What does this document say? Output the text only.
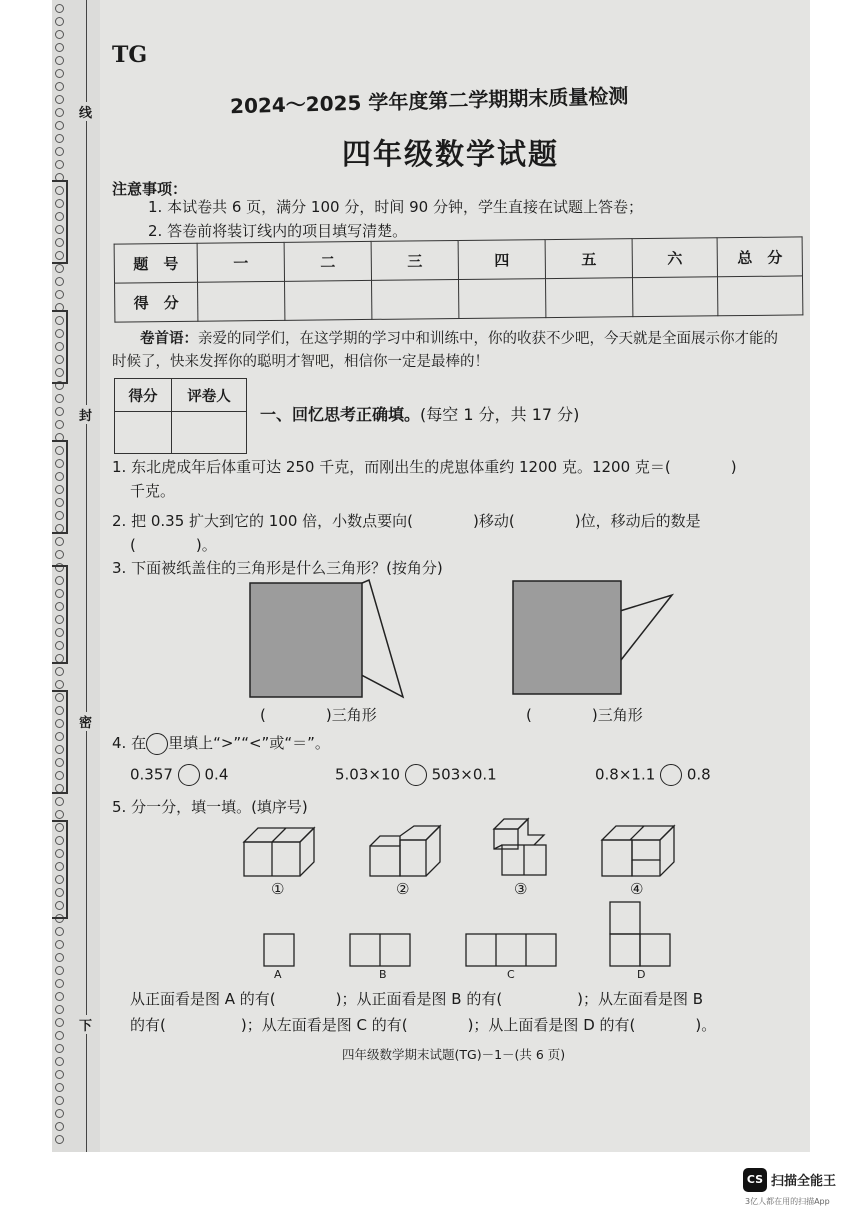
线
封
密
下
TG
2024～2025 学年度第二学期期末质量检测
四年级数学试题
注意事项：
1. 本试卷共 6 页，满分 100 分，时间 90 分钟，学生直接在试题上答卷；
2. 答卷前将装订线内的项目填写清楚。
题　号	一	二	三	四	五	六	总　分
得　分							
卷首语：亲爱的同学们，在这学期的学习中和训练中，你的收获不少吧，今天就是全面展示你才能的时候了，快来发挥你的聪明才智吧，相信你一定是最棒的！
得分	评卷人

一、回忆思考正确填。(每空 1 分，共 17 分)
1. 东北虎成年后体重可达 250 千克，而刚出生的虎崽体重约 1200 克。1200 克＝(　　　　)
千克。
2. 把 0.35 扩大到它的 100 倍，小数点要向(　　　　)移动(　　　　)位，移动后的数是
(　　　　)。
3. 下面被纸盖住的三角形是什么三角形？(按角分)
(　　　　)三角形	(　　　　)三角形
4. 在 里填上“>”“<”或“＝”。
0.357 0.4	5.03×10 503×0.1	0.8×1.1 0.8
5. 分一分，填一填。(填序号)
①	②	③	④
A	B	C	D
从正面看是图 A 的有(　　　　)；从正面看是图 B 的有(　　　　　)；从左面看是图 B
的有(　　　　　)；从左面看是图 C 的有(　　　　)；从上面看是图 D 的有(　　　　)。
四年级数学期末试题(TG)－1－(共 6 页)
CS 扫描全能王
3亿人都在用的扫描App
